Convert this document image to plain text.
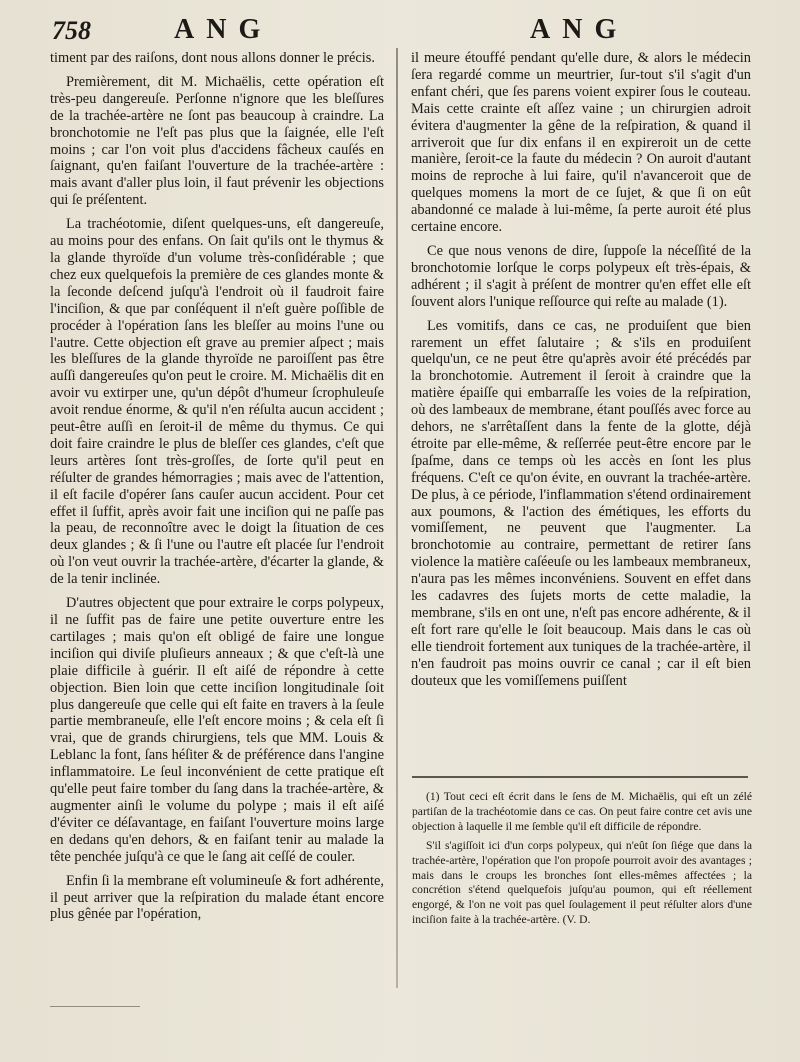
758	ANG	ANG

timent par des raiſons, dont nous allons donner le précis.

Premièrement, dit M. Michaëlis, cette opération eſt très-peu dangereuſe. Perſonne n'ignore que les bleſſures de la trachée-artère ne ſont pas beaucoup à craindre. La bronchotomie ne l'eſt pas plus que la ſaignée, elle l'eſt moins ; car l'on voit plus d'accidens fâcheux cauſés en ſaignant, qu'en faiſant l'ouverture de la trachée-artère : mais avant d'aller plus loin, il faut prévenir les objections qui ſe préſentent.

La trachéotomie, diſent quelques-uns, eſt dangereuſe, au moins pour des enfans. On ſait qu'ils ont le thymus & la glande thyroïde d'un volume très-conſidérable ; que chez eux quelquefois la première de ces glandes monte & la ſeconde deſcend juſqu'à l'endroit où il faudroit faire l'inciſion, & que par conſéquent il n'eſt guère poſſible de procéder à l'opération ſans les bleſſer au moins l'une ou l'autre. Cette objection eſt grave au premier aſpect ; mais les bleſſures de la glande thyroïde ne paroiſſent pas être auſſi dangereuſes qu'on peut le croire. M. Michaëlis dit en avoir vu extirper une, qu'un dépôt d'humeur ſcrophuleuſe avoit rendue énorme, & qu'il n'en réſulta aucun accident ; peut-être auſſi en ſeroit-il de même du thymus. Ce qui doit faire craindre le plus de bleſſer ces glandes, c'eſt que leurs artères ſont très-groſſes, de ſorte qu'il peut en réſulter de grandes hémorragies ; mais avec de l'attention, il eſt facile d'opérer ſans cauſer aucun accident. Pour cet effet il ſuffit, après avoir fait une inciſion qui ne paſſe pas la peau, de reconnoître avec le doigt la ſituation de ces deux glandes ; & ſi l'une ou l'autre eſt placée ſur l'endroit où l'on veut ouvrir la trachée-artère, d'écarter la glande, & de la tenir inclinée.

D'autres objectent que pour extraire le corps polypeux, il ne ſuffit pas de faire une petite ouverture entre les cartilages ; mais qu'on eſt obligé de faire une longue inciſion qui diviſe pluſieurs anneaux ; & que c'eſt-là une plaie difficile à guérir. Il eſt aiſé de répondre à cette objection. Bien loin que cette inciſion longitudinale ſoit plus dangereuſe que celle qui eſt faite en travers à la ſeule partie membraneuſe, elle l'eſt encore moins ; & cela eſt ſi vrai, que de grands chirurgiens, tels que MM. Louis & Leblanc la font, ſans héſiter & de préférence dans l'angine inflammatoire. Le ſeul inconvénient de cette pratique eſt qu'elle peut faire tomber du ſang dans la trachée-artère, & augmenter ainſi le volume du polype ; mais il eſt aiſé d'éviter ce déſavantage, en faiſant l'ouverture moins large en dedans qu'en dehors, & en faiſant tenir au malade la tête penchée juſqu'à ce que le ſang ait ceſſé de couler.

Enfin ſi la membrane eſt volumineuſe & fort adhérente, il peut arriver que la reſpiration du malade étant encore plus gênée par l'opération,

il meure étouffé pendant qu'elle dure, & alors le médecin ſera regardé comme un meurtrier, ſur-tout s'il s'agit d'un enfant chéri, que ſes parens voient expirer ſous le couteau. Mais cette crainte eſt aſſez vaine ; un chirurgien adroit évitera d'augmenter la gêne de la reſpiration, & quand il arriveroit que ſur dix enfans il en expireroit un de cette manière, ſeroit-ce la faute du médecin ? On auroit d'autant moins de reproche à lui faire, qu'il n'avanceroit que de quelques momens la mort de ce ſujet, & que ſi on eût abandonné ce malade à lui-même, ſa perte auroit été plus certaine encore.

Ce que nous venons de dire, ſuppoſe la néceſſité de la bronchotomie lorſque le corps polypeux eſt très-épais, & adhérent ; il s'agit à préſent de montrer qu'en effet elle eſt ſouvent alors l'unique reſſource qui reſte au malade (1).

Les vomitifs, dans ce cas, ne produiſent que bien rarement un effet ſalutaire ; & s'ils en produiſent quelqu'un, ce ne peut être qu'après avoir été précédés par la bronchotomie. Autrement il ſeroit à craindre que la matière épaiſſe qui embarraſſe les voies de la reſpiration, où des lambeaux de membrane, étant pouſſés avec force au dehors, ne s'arrêtaſſent dans la fente de la glotte, déjà étroite par elle-même, & reſſerrée peut-être encore par le ſpaſme, dans ce temps où les accès en ſont les plus fréquens. C'eſt ce qu'on évite, en ouvrant la trachée-artère. De plus, à ce période, l'inflammation s'étend ordinairement aux poumons, & l'action des émétiques, les efforts du vomiſſement, ne peuvent que l'augmenter. La bronchotomie au contraire, permettant de retirer ſans violence la matière caſéeuſe ou les lambeaux membraneux, n'aura pas les mêmes inconvéniens. Souvent en effet dans les cadavres des ſujets morts de cette maladie, la membrane, s'ils en ont une, n'eſt pas encore adhérente, & il eſt fort rare qu'elle le ſoit beaucoup. Mais dans le cas où elle tiendroit fortement aux tuniques de la trachée-artère, il n'en faudroit pas moins ouvrir ce canal ; car il eſt bien douteux que les vomiſſemens puiſſent

(1) Tout ceci eſt écrit dans le ſens de M. Michaëlis, qui eſt un zélé partiſan de la trachéotomie dans ce cas. On peut faire contre cet avis une objection à laquelle il me ſemble qu'il eſt difficile de répondre.

S'il s'agiſſoit ici d'un corps polypeux, qui n'eût ſon ſiége que dans la trachée-artère, l'opération que l'on propoſe pourroit avoir des avantages ; mais dans le croups les bronches ſont elles-mêmes affectées ; la concrétion s'étend quelquefois juſqu'au poumon, qui eſt réellement engorgé, & l'on ne voit pas quel ſoulagement il peut réſulter alors d'une inciſion faite à la trachée-artère. (V. D.
